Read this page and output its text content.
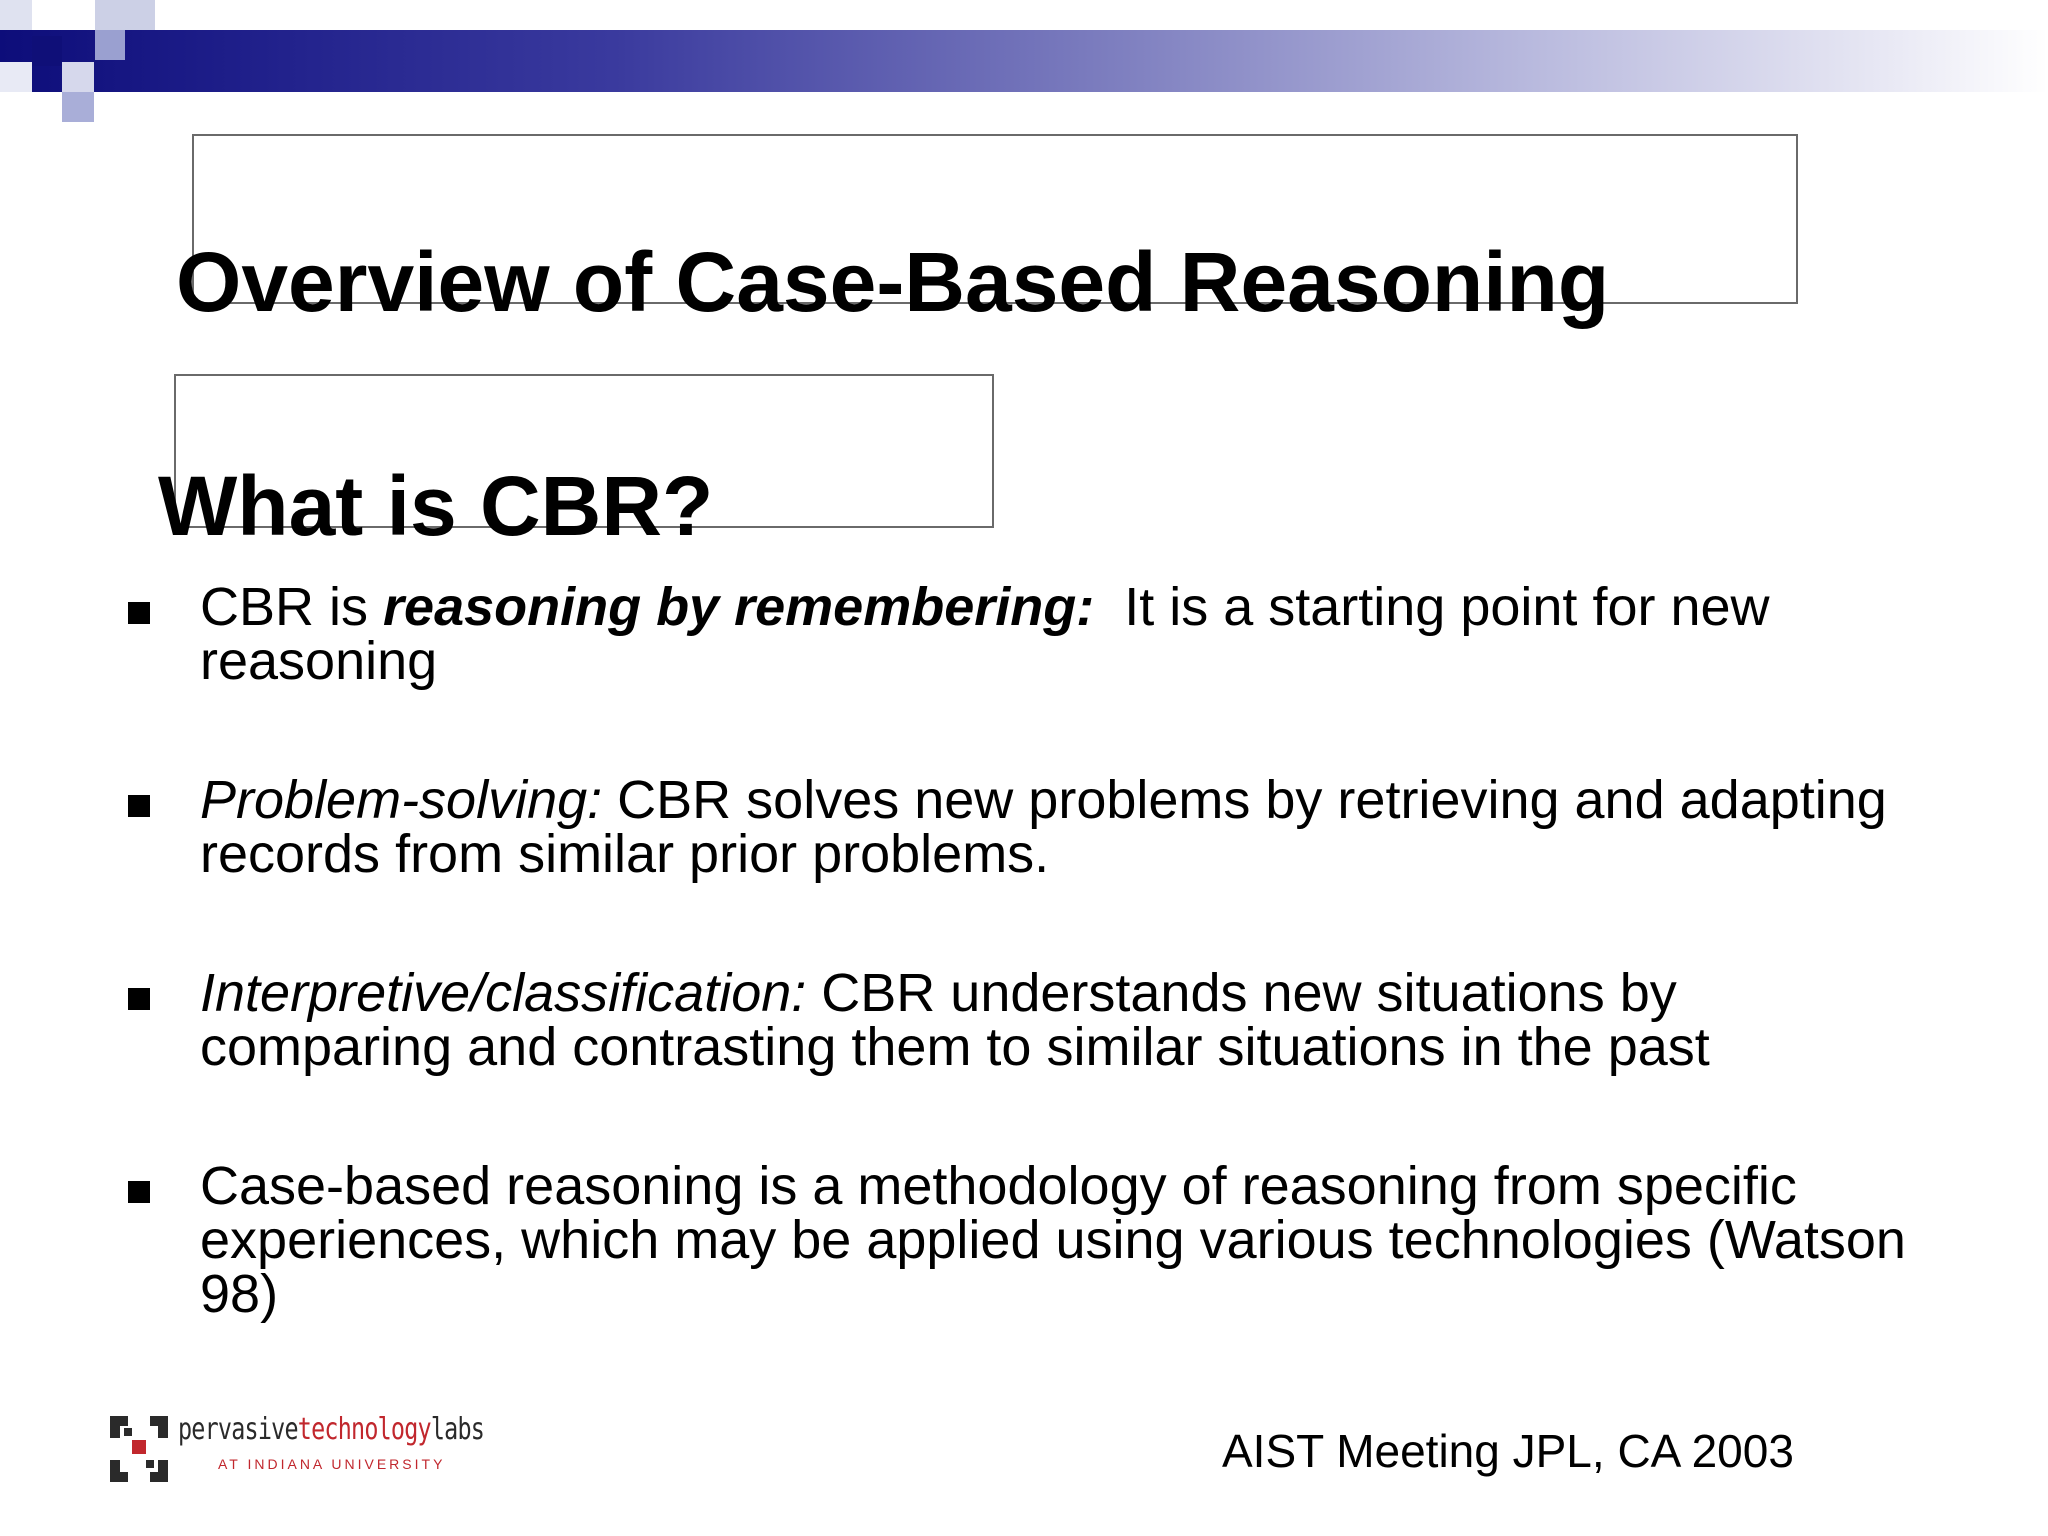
Overview of Case-Based Reasoning
What is CBR?
CBR is reasoning by remembering:  It is a starting point for new reasoning
Problem-solving: CBR solves new problems by retrieving and adapting records from similar prior problems.
Interpretive/classification: CBR understands new situations by comparing and contrasting them to similar situations in the past
Case-based reasoning is a methodology of reasoning from specific experiences, which may be applied using various technologies (Watson 98)
pervasivetechnologylabs
AT INDIANA UNIVERSITY	AIST Meeting JPL, CA 2003
